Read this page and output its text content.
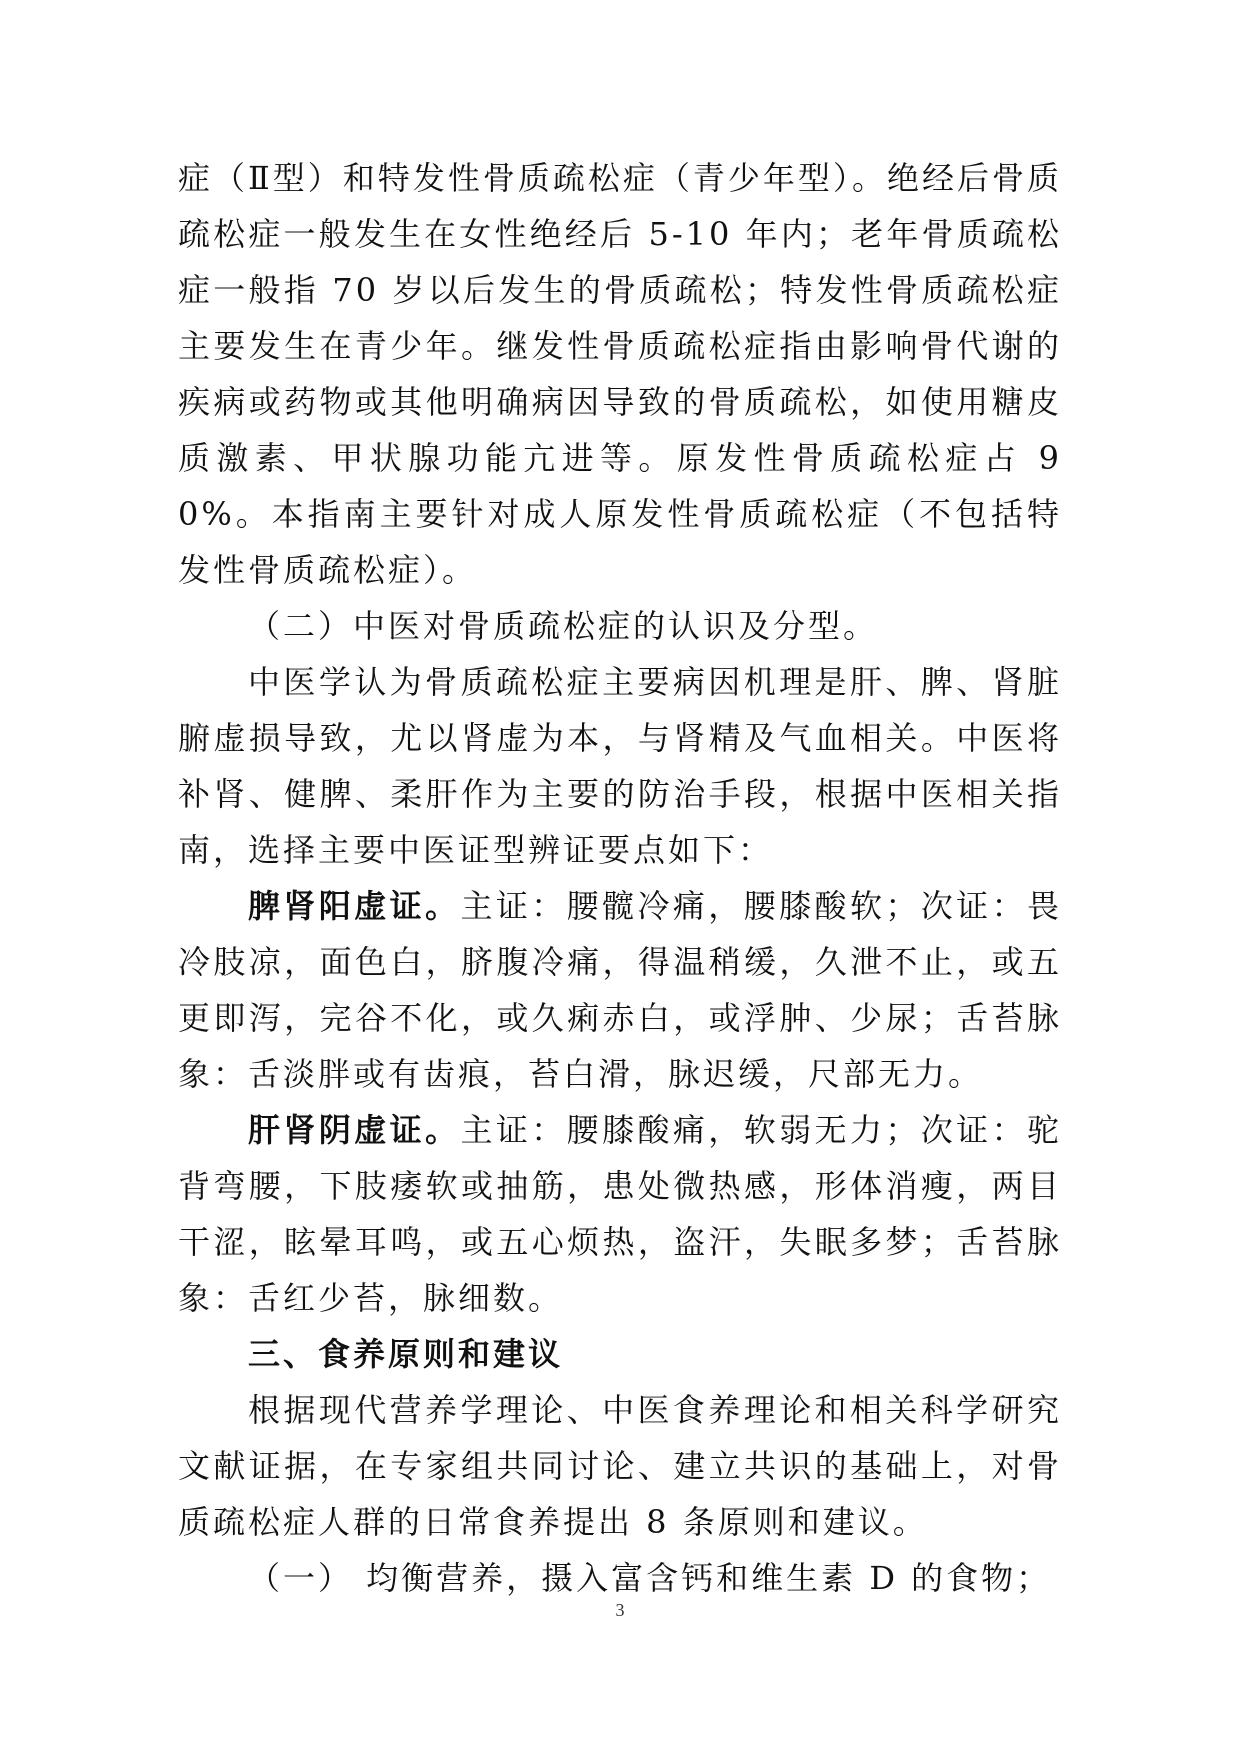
症（Ⅱ型）和特发性骨质疏松症（青少年型）。绝经后骨质疏松症一般发生在女性绝经后 5-10 年内；老年骨质疏松症一般指 70 岁以后发生的骨质疏松；特发性骨质疏松症主要发生在青少年。继发性骨质疏松症指由影响骨代谢的疾病或药物或其他明确病因导致的骨质疏松，如使用糖皮质激素、甲状腺功能亢进等。原发性骨质疏松症占 90%。本指南主要针对成人原发性骨质疏松症（不包括特发性骨质疏松症）。

（二）中医对骨质疏松症的认识及分型。

中医学认为骨质疏松症主要病因机理是肝、脾、肾脏腑虚损导致，尤以肾虚为本，与肾精及气血相关。中医将补肾、健脾、柔肝作为主要的防治手段，根据中医相关指南，选择主要中医证型辨证要点如下：

脾肾阳虚证。主证：腰髋冷痛，腰膝酸软；次证：畏冷肢凉，面色白，脐腹冷痛，得温稍缓，久泄不止，或五更即泻，完谷不化，或久痢赤白，或浮肿、少尿；舌苔脉象：舌淡胖或有齿痕，苔白滑，脉迟缓，尺部无力。

肝肾阴虚证。主证：腰膝酸痛，软弱无力；次证：驼背弯腰，下肢痿软或抽筋，患处微热感，形体消瘦，两目干涩，眩晕耳鸣，或五心烦热，盗汗，失眠多梦；舌苔脉象：舌红少苔，脉细数。

三、食养原则和建议

根据现代营养学理论、中医食养理论和相关科学研究文献证据，在专家组共同讨论、建立共识的基础上，对骨质疏松症人群的日常食养提出 8 条原则和建议。

（一） 均衡营养，摄入富含钙和维生素 D 的食物；

3
